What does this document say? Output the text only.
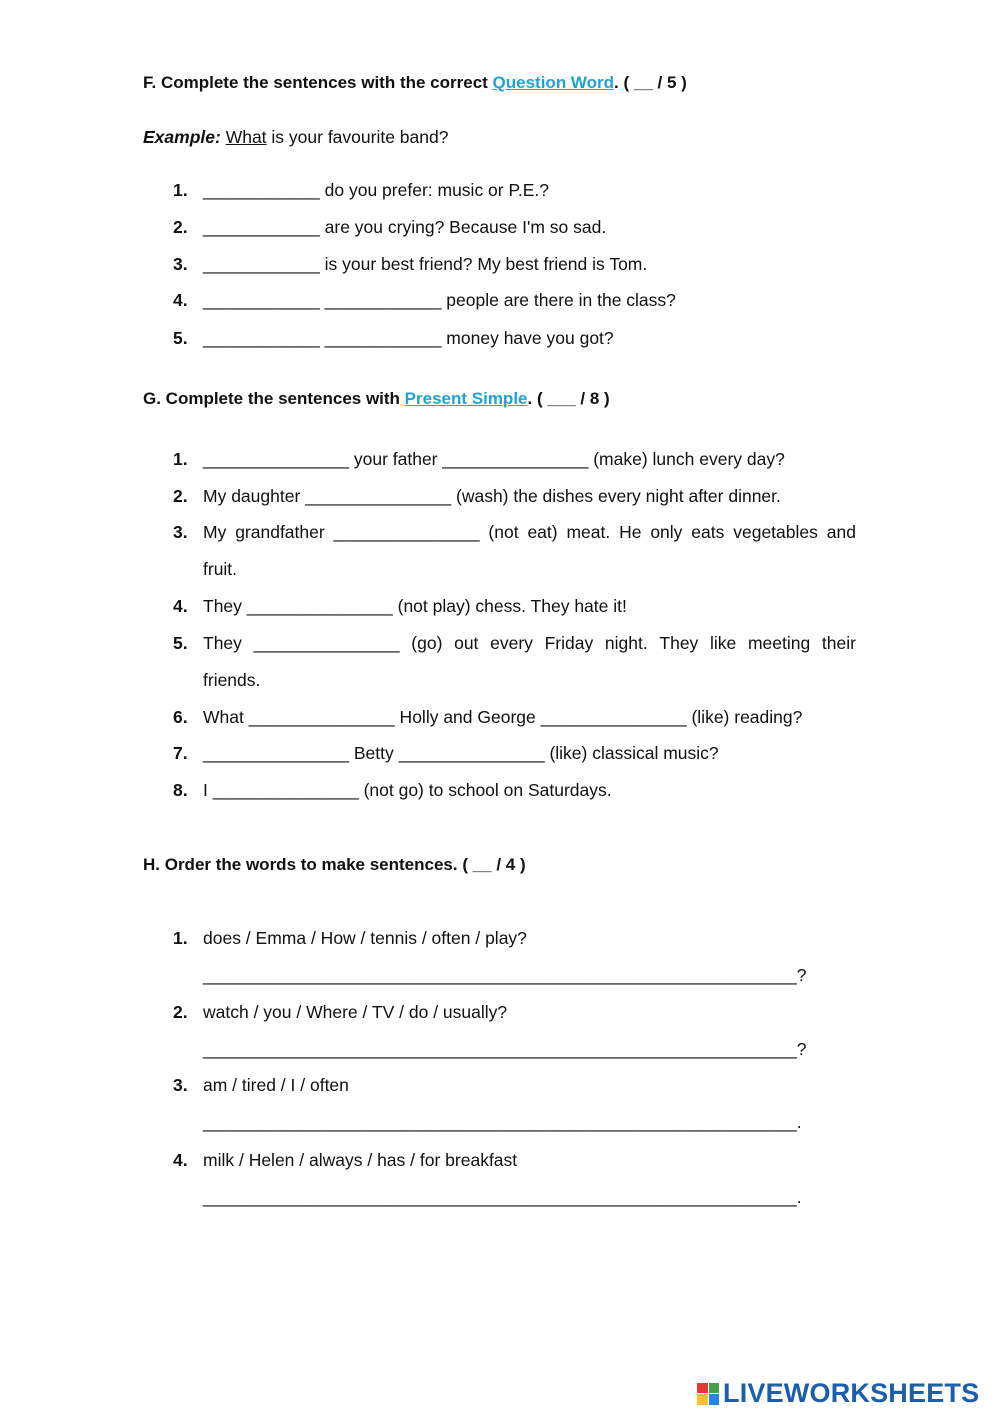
F. Complete the sentences with the correct Question Word. ( __ / 5 )
Example: What is your favourite band?
1. ____________ do you prefer: music or P.E.?
2. ____________ are you crying? Because I'm so sad.
3. ____________ is your best friend? My best friend is Tom.
4. ____________ ____________ people are there in the class?
5. ____________ ____________ money have you got?
G. Complete the sentences with Present Simple. ( ___ / 8 )
1. _______________ your father _______________ (make) lunch every day?
2. My daughter _______________ (wash) the dishes every night after dinner.
3. My grandfather _______________ (not eat) meat. He only eats vegetables and
fruit.
4. They _______________ (not play) chess. They hate it!
5. They _______________ (go) out every Friday night. They like meeting their
friends.
6. What _______________ Holly and George _______________ (like) reading?
7. _______________ Betty _______________ (like) classical music?
8. I _______________ (not go) to school on Saturdays.
H. Order the words to make sentences. ( __ / 4 )
1. does / Emma / How / tennis / often / play?
_____________________________________________________________?
2. watch / you / Where / TV / do / usually?
_____________________________________________________________?
3. am / tired / I / often
_____________________________________________________________.
4. milk / Helen / always / has / for breakfast
_____________________________________________________________.
LIVEWORKSHEETS
